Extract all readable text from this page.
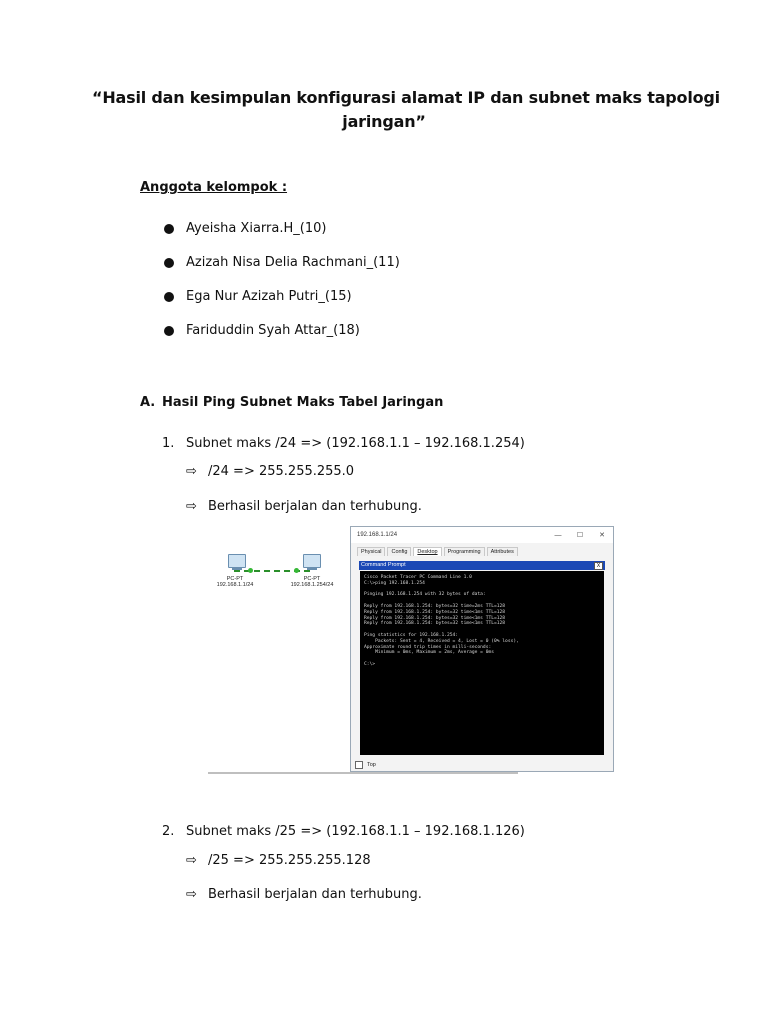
“Hasil dan kesimpulan konfigurasi alamat IP dan subnet maks tapologi
jaringan”
Anggota kelompok :
Ayeisha Xiarra.H_(10)
Azizah Nisa Delia Rachmani_(11)
Ega Nur Azizah Putri_(15)
Fariduddin Syah Attar_(18)
A. Hasil Ping Subnet Maks Tabel Jaringan
1. Subnet maks /24 => (192.168.1.1 – 192.168.1.254)
⇨ /24 => 255.255.255.0
⇨ Berhasil berjalan dan terhubung.
PC-PT
192.168.1.1/24
PC-PT
192.168.1.254/24
192.168.1.1/24	—	☐	✕
Physical	Config	Desktop	Programming	Attributes
Command Prompt	X
Cisco Packet Tracer PC Command Line 1.0
C:\>ping 192.168.1.254
Pinging 192.168.1.254 with 32 bytes of data:
Reply from 192.168.1.254: bytes=32 time=2ms TTL=128
Reply from 192.168.1.254: bytes=32 time<1ms TTL=128
Reply from 192.168.1.254: bytes=32 time<1ms TTL=128
Reply from 192.168.1.254: bytes=32 time<1ms TTL=128
Ping statistics for 192.168.1.254:
Packets: Sent = 4, Received = 4, Lost = 0 (0% loss),
Approximate round trip times in milli-seconds:
Minimum = 0ms, Maximum = 2ms, Average = 0ms
C:\>
Top
2. Subnet maks /25 => (192.168.1.1 – 192.168.1.126)
⇨ /25 => 255.255.255.128
⇨ Berhasil berjalan dan terhubung.
